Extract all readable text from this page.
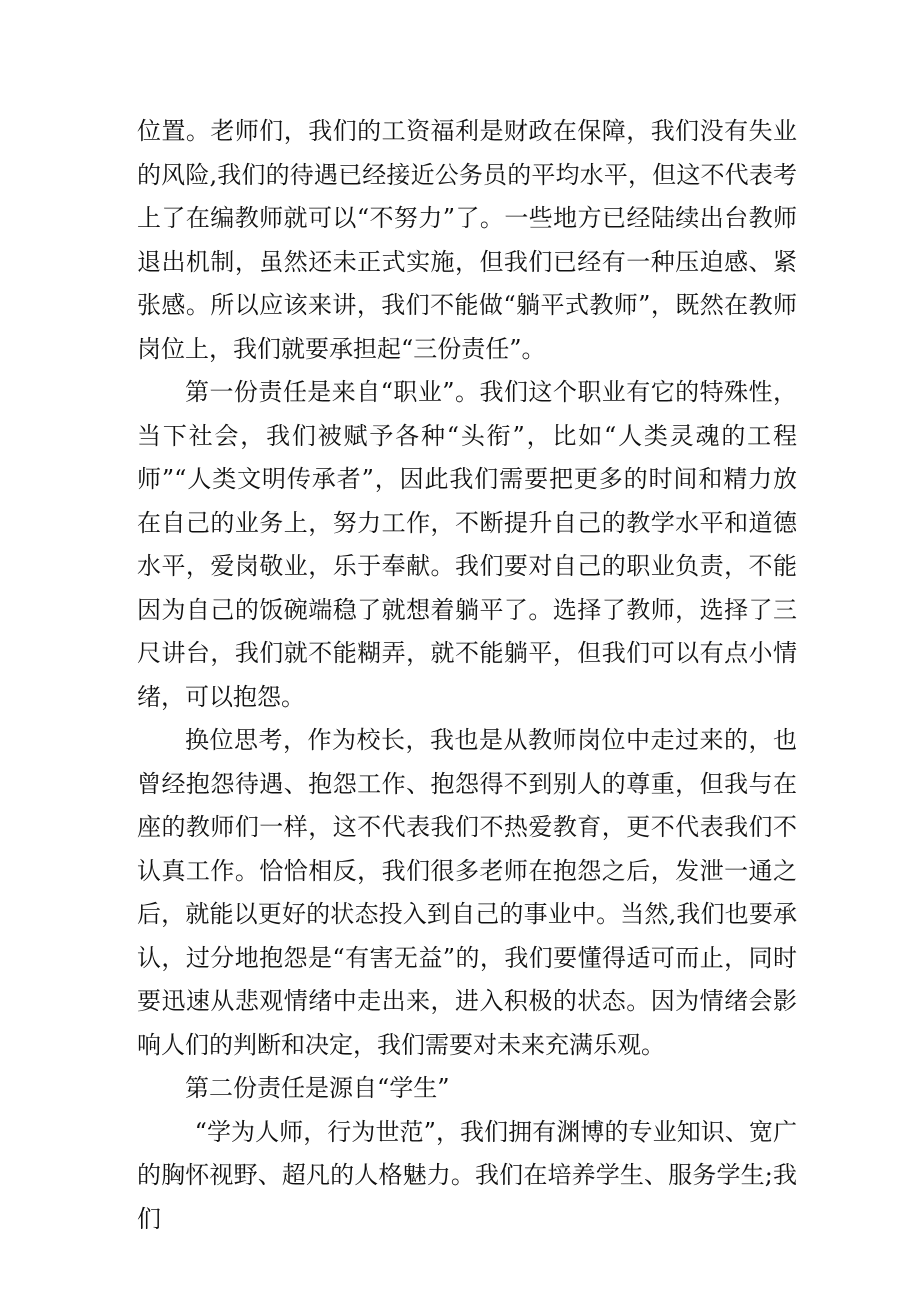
位置。老师们，我们的工资福利是财政在保障，我们没有失业的风险,我们的待遇已经接近公务员的平均水平，但这不代表考上了在编教师就可以“不努力”了。一些地方已经陆续出台教师退出机制，虽然还未正式实施，但我们已经有一种压迫感、紧张感。所以应该来讲，我们不能做“躺平式教师”，既然在教师岗位上，我们就要承担起“三份责任”。

第一份责任是来自“职业”。我们这个职业有它的特殊性，当下社会，我们被赋予各种“头衔”，比如“人类灵魂的工程师”“人类文明传承者”，因此我们需要把更多的时间和精力放在自己的业务上，努力工作，不断提升自己的教学水平和道德水平，爱岗敬业，乐于奉献。我们要对自己的职业负责，不能因为自己的饭碗端稳了就想着躺平了。选择了教师，选择了三尺讲台，我们就不能糊弄，就不能躺平，但我们可以有点小情绪，可以抱怨。

换位思考，作为校长，我也是从教师岗位中走过来的，也曾经抱怨待遇、抱怨工作、抱怨得不到别人的尊重，但我与在座的教师们一样，这不代表我们不热爱教育，更不代表我们不认真工作。恰恰相反，我们很多老师在抱怨之后，发泄一通之后，就能以更好的状态投入到自己的事业中。当然,我们也要承认，过分地抱怨是“有害无益”的，我们要懂得适可而止，同时要迅速从悲观情绪中走出来，进入积极的状态。因为情绪会影响人们的判断和决定，我们需要对未来充满乐观。

第二份责任是源自“学生”

“学为人师，行为世范”，我们拥有渊博的专业知识、宽广的胸怀视野、超凡的人格魅力。我们在培养学生、服务学生;我们
